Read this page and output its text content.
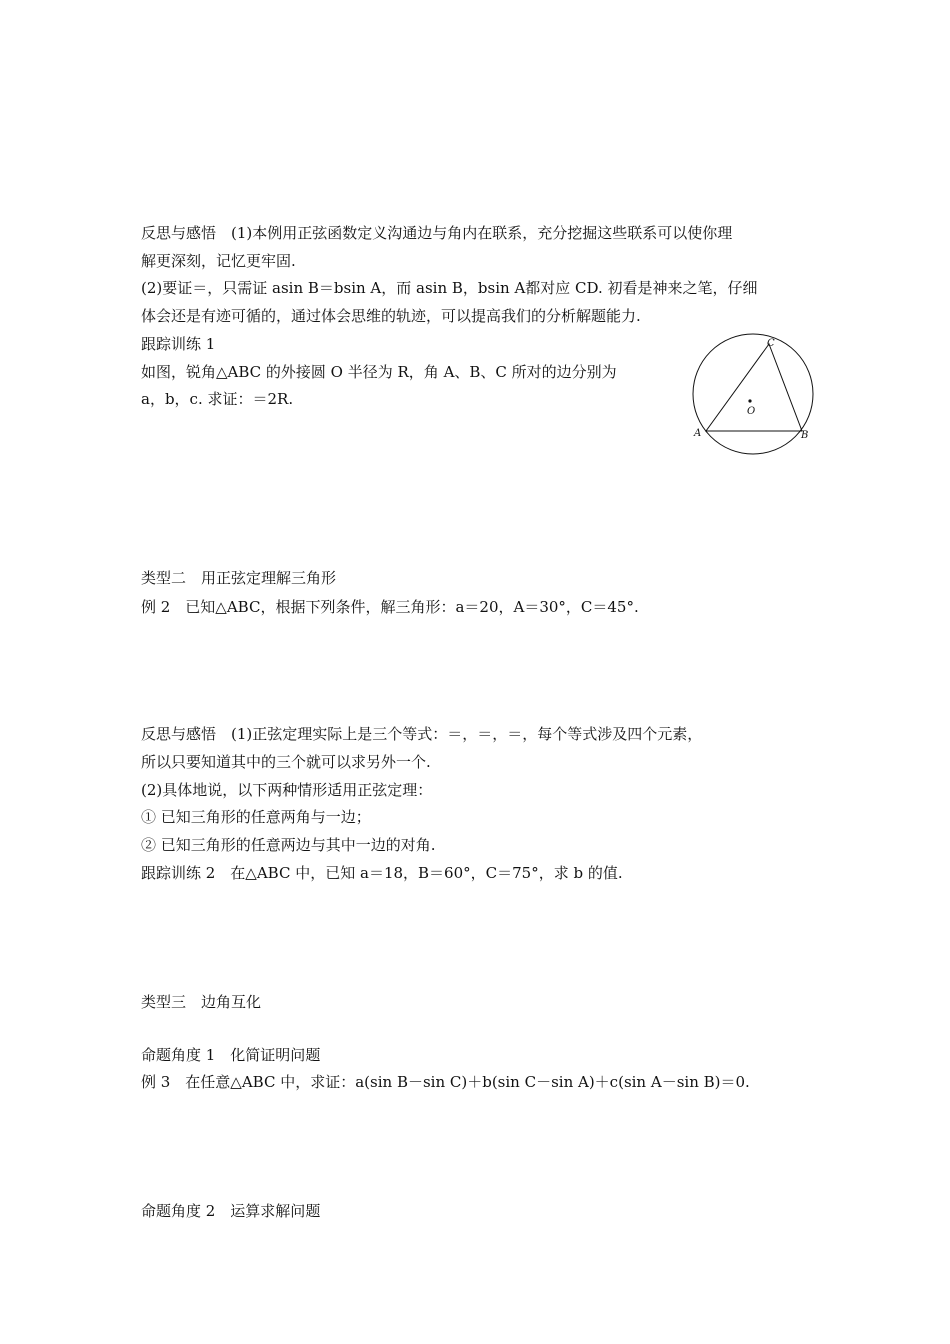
反思与感悟　(1)本例用正弦函数定义沟通边与角内在联系，充分挖掘这些联系可以使你理
解更深刻，记忆更牢固.
(2)要证＝，只需证 asin B＝bsin A，而 asin B，bsin A都对应 CD. 初看是神来之笔，仔细
体会还是有迹可循的，通过体会思维的轨迹，可以提高我们的分析解题能力.
跟踪训练 1
如图，锐角△ABC 的外接圆 O 半径为 R，角 A、B、C 所对的边分别为
a，b，c. 求证：＝2R.
A	B
C
O
类型二　用正弦定理解三角形
例 2　已知△ABC，根据下列条件，解三角形：a＝20，A＝30°，C＝45°.
反思与感悟　(1)正弦定理实际上是三个等式：＝，＝，＝，每个等式涉及四个元素，
所以只要知道其中的三个就可以求另外一个.
(2)具体地说，以下两种情形适用正弦定理：
① 已知三角形的任意两角与一边；
② 已知三角形的任意两边与其中一边的对角.
跟踪训练 2　在△ABC 中，已知 a＝18，B＝60°，C＝75°，求 b 的值.
类型三　边角互化
命题角度 1　化简证明问题
例 3　在任意△ABC 中，求证：a(sin B－sin C)＋b(sin C－sin A)＋c(sin A－sin B)＝0.
命题角度 2　运算求解问题
